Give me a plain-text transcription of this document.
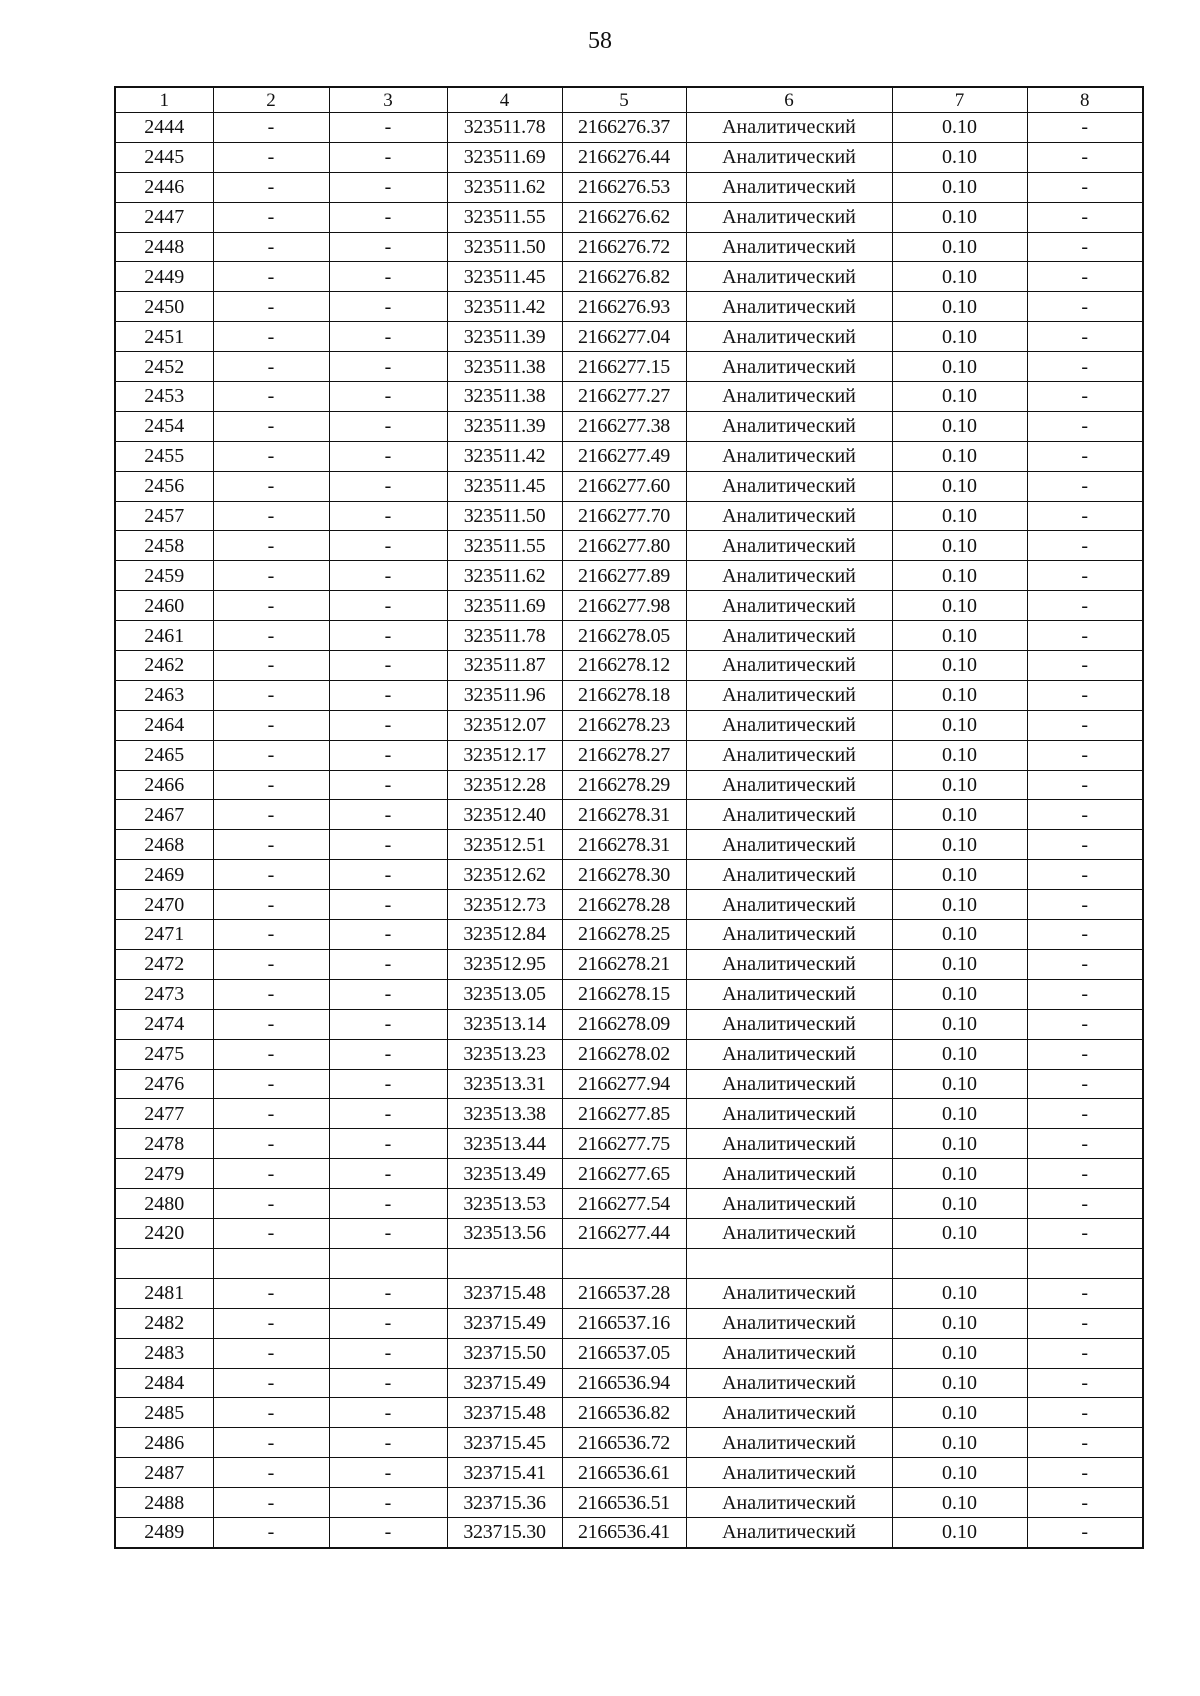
58
1	2	3	4	5	6	7	8
2444	-	-	323511.78	2166276.37	Аналитический	0.10	-
2445	-	-	323511.69	2166276.44	Аналитический	0.10	-
2446	-	-	323511.62	2166276.53	Аналитический	0.10	-
2447	-	-	323511.55	2166276.62	Аналитический	0.10	-
2448	-	-	323511.50	2166276.72	Аналитический	0.10	-
2449	-	-	323511.45	2166276.82	Аналитический	0.10	-
2450	-	-	323511.42	2166276.93	Аналитический	0.10	-
2451	-	-	323511.39	2166277.04	Аналитический	0.10	-
2452	-	-	323511.38	2166277.15	Аналитический	0.10	-
2453	-	-	323511.38	2166277.27	Аналитический	0.10	-
2454	-	-	323511.39	2166277.38	Аналитический	0.10	-
2455	-	-	323511.42	2166277.49	Аналитический	0.10	-
2456	-	-	323511.45	2166277.60	Аналитический	0.10	-
2457	-	-	323511.50	2166277.70	Аналитический	0.10	-
2458	-	-	323511.55	2166277.80	Аналитический	0.10	-
2459	-	-	323511.62	2166277.89	Аналитический	0.10	-
2460	-	-	323511.69	2166277.98	Аналитический	0.10	-
2461	-	-	323511.78	2166278.05	Аналитический	0.10	-
2462	-	-	323511.87	2166278.12	Аналитический	0.10	-
2463	-	-	323511.96	2166278.18	Аналитический	0.10	-
2464	-	-	323512.07	2166278.23	Аналитический	0.10	-
2465	-	-	323512.17	2166278.27	Аналитический	0.10	-
2466	-	-	323512.28	2166278.29	Аналитический	0.10	-
2467	-	-	323512.40	2166278.31	Аналитический	0.10	-
2468	-	-	323512.51	2166278.31	Аналитический	0.10	-
2469	-	-	323512.62	2166278.30	Аналитический	0.10	-
2470	-	-	323512.73	2166278.28	Аналитический	0.10	-
2471	-	-	323512.84	2166278.25	Аналитический	0.10	-
2472	-	-	323512.95	2166278.21	Аналитический	0.10	-
2473	-	-	323513.05	2166278.15	Аналитический	0.10	-
2474	-	-	323513.14	2166278.09	Аналитический	0.10	-
2475	-	-	323513.23	2166278.02	Аналитический	0.10	-
2476	-	-	323513.31	2166277.94	Аналитический	0.10	-
2477	-	-	323513.38	2166277.85	Аналитический	0.10	-
2478	-	-	323513.44	2166277.75	Аналитический	0.10	-
2479	-	-	323513.49	2166277.65	Аналитический	0.10	-
2480	-	-	323513.53	2166277.54	Аналитический	0.10	-
2420	-	-	323513.56	2166277.44	Аналитический	0.10	-

2481	-	-	323715.48	2166537.28	Аналитический	0.10	-
2482	-	-	323715.49	2166537.16	Аналитический	0.10	-
2483	-	-	323715.50	2166537.05	Аналитический	0.10	-
2484	-	-	323715.49	2166536.94	Аналитический	0.10	-
2485	-	-	323715.48	2166536.82	Аналитический	0.10	-
2486	-	-	323715.45	2166536.72	Аналитический	0.10	-
2487	-	-	323715.41	2166536.61	Аналитический	0.10	-
2488	-	-	323715.36	2166536.51	Аналитический	0.10	-
2489	-	-	323715.30	2166536.41	Аналитический	0.10	-
